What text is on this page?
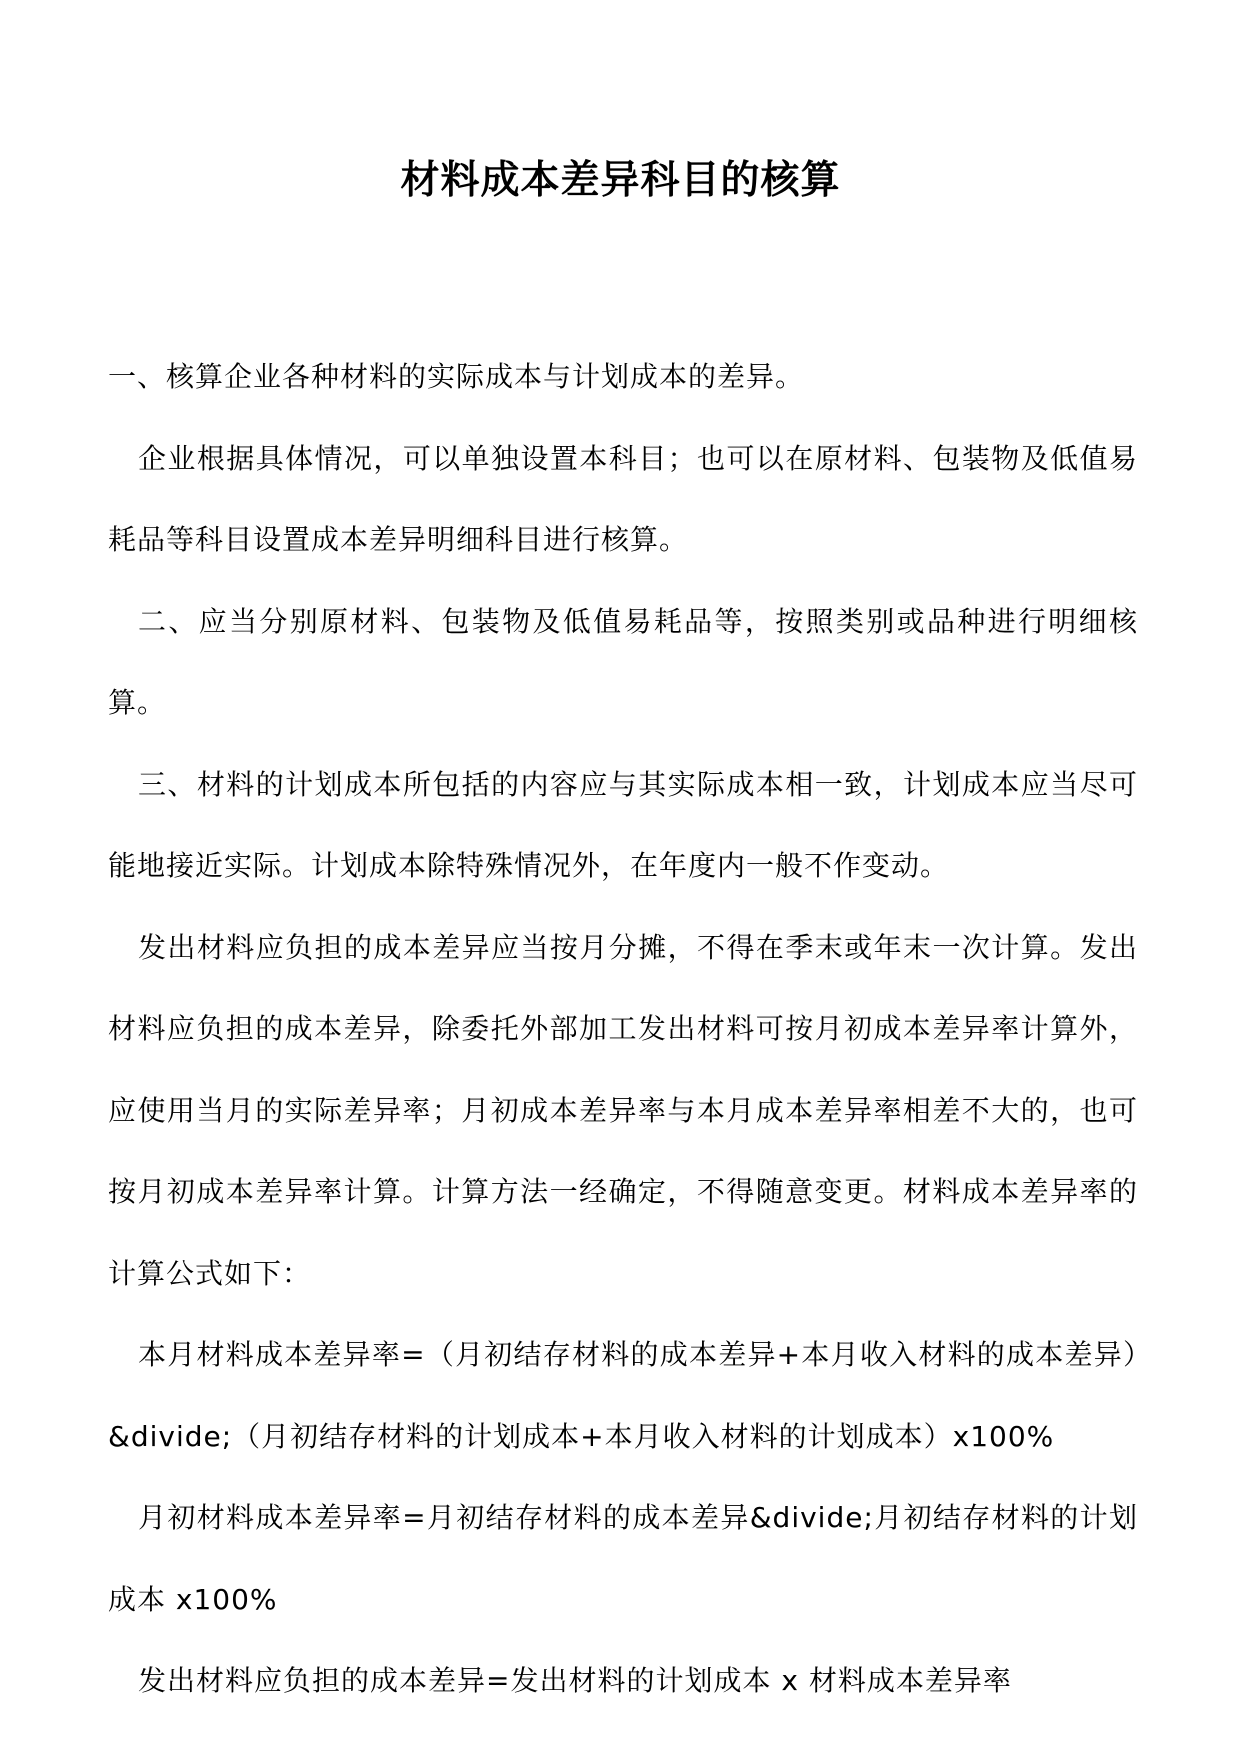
材料成本差异科目的核算

一、核算企业各种材料的实际成本与计划成本的差异。

企业根据具体情况，可以单独设置本科目；也可以在原材料、包装物及低值易耗品等科目设置成本差异明细科目进行核算。

二、应当分别原材料、包装物及低值易耗品等，按照类别或品种进行明细核算。

三、材料的计划成本所包括的内容应与其实际成本相一致，计划成本应当尽可能地接近实际。计划成本除特殊情况外，在年度内一般不作变动。

发出材料应负担的成本差异应当按月分摊，不得在季末或年末一次计算。发出材料应负担的成本差异，除委托外部加工发出材料可按月初成本差异率计算外，应使用当月的实际差异率；月初成本差异率与本月成本差异率相差不大的，也可按月初成本差异率计算。计算方法一经确定，不得随意变更。材料成本差异率的计算公式如下：

本月材料成本差异率=（月初结存材料的成本差异+本月收入材料的成本差异）&divide;（月初结存材料的计划成本+本月收入材料的计划成本）x100%

月初材料成本差异率=月初结存材料的成本差异&divide;月初结存材料的计划成本 x100%

发出材料应负担的成本差异=发出材料的计划成本 x 材料成本差异率
